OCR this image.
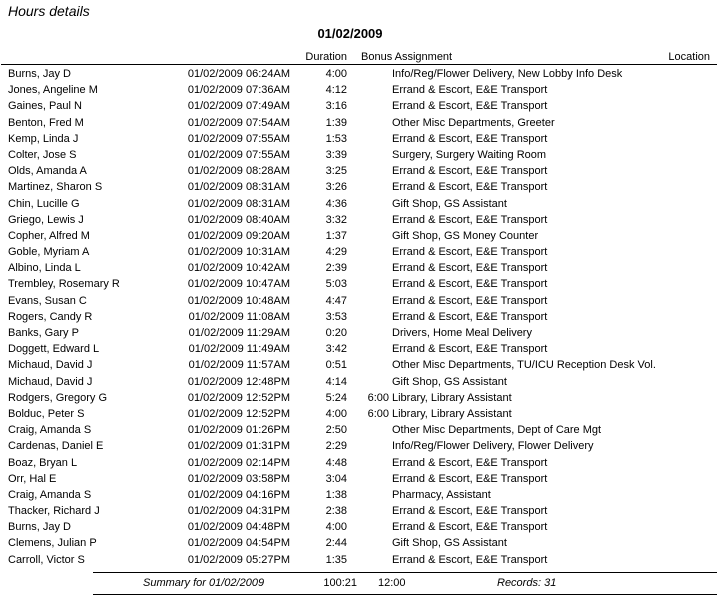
Hours details
01/02/2009
Duration Bonus Assignment	Location
Burns, Jay D	01/02/2009 06:24AM	4:00	Info/Reg/Flower Delivery, New Lobby Info Desk
Jones, Angeline M	01/02/2009 07:36AM	4:12	Errand & Escort, E&E Transport
Gaines, Paul N	01/02/2009 07:49AM	3:16	Errand & Escort, E&E Transport
Benton, Fred M	01/02/2009 07:54AM	1:39	Other Misc Departments, Greeter
Kemp, Linda J	01/02/2009 07:55AM	1:53	Errand & Escort, E&E Transport
Colter, Jose S	01/02/2009 07:55AM	3:39	Surgery, Surgery Waiting Room
Olds, Amanda A	01/02/2009 08:28AM	3:25	Errand & Escort, E&E Transport
Martinez, Sharon S	01/02/2009 08:31AM	3:26	Errand & Escort, E&E Transport
Chin, Lucille G	01/02/2009 08:31AM	4:36	Gift Shop, GS Assistant
Griego, Lewis J	01/02/2009 08:40AM	3:32	Errand & Escort, E&E Transport
Copher, Alfred M	01/02/2009 09:20AM	1:37	Gift Shop, GS Money Counter
Goble, Myriam A	01/02/2009 10:31AM	4:29	Errand & Escort, E&E Transport
Albino, Linda L	01/02/2009 10:42AM	2:39	Errand & Escort, E&E Transport
Trembley, Rosemary R	01/02/2009 10:47AM	5:03	Errand & Escort, E&E Transport
Evans, Susan C	01/02/2009 10:48AM	4:47	Errand & Escort, E&E Transport
Rogers, Candy R	01/02/2009 11:08AM	3:53	Errand & Escort, E&E Transport
Banks, Gary P	01/02/2009 11:29AM	0:20	Drivers, Home Meal Delivery
Doggett, Edward L	01/02/2009 11:49AM	3:42	Errand & Escort, E&E Transport
Michaud, David J	01/02/2009 11:57AM	0:51	Other Misc Departments, TU/ICU Reception Desk Vol.
Michaud, David J	01/02/2009 12:48PM	4:14	Gift Shop, GS Assistant
Rodgers, Gregory G	01/02/2009 12:52PM	5:24	6:00 Library, Library Assistant
Bolduc, Peter S	01/02/2009 12:52PM	4:00	6:00 Library, Library Assistant
Craig, Amanda S	01/02/2009 01:26PM	2:50	Other Misc Departments, Dept of Care Mgt
Cardenas, Daniel E	01/02/2009 01:31PM	2:29	Info/Reg/Flower Delivery, Flower Delivery
Boaz, Bryan L	01/02/2009 02:14PM	4:48	Errand & Escort, E&E Transport
Orr, Hal E	01/02/2009 03:58PM	3:04	Errand & Escort, E&E Transport
Craig, Amanda S	01/02/2009 04:16PM	1:38	Pharmacy, Assistant
Thacker, Richard J	01/02/2009 04:31PM	2:38	Errand & Escort, E&E Transport
Burns, Jay D	01/02/2009 04:48PM	4:00	Errand & Escort, E&E Transport
Clemens, Julian P	01/02/2009 04:54PM	2:44	Gift Shop, GS Assistant
Carroll, Victor S	01/02/2009 05:27PM	1:35	Errand & Escort, E&E Transport
Summary for 01/02/2009	100:21 12:00	Records: 31
